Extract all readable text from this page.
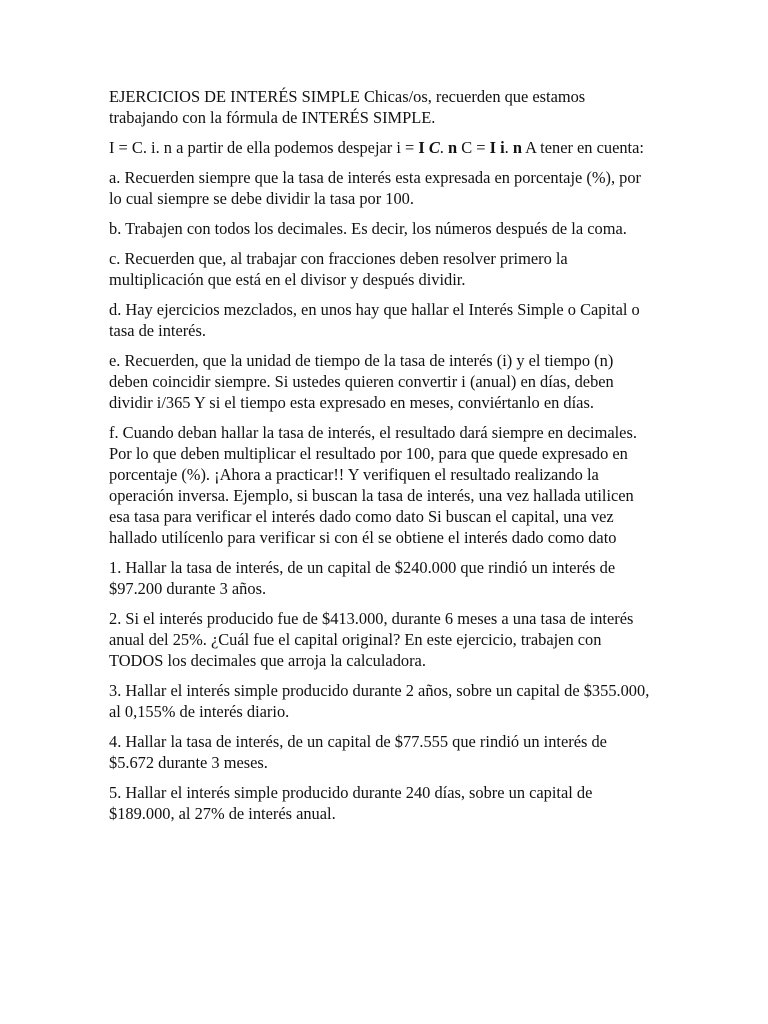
EJERCICIOS DE INTERÉS SIMPLE Chicas/os, recuerden que estamos trabajando con la fórmula de INTERÉS SIMPLE.

I = C. i. n a partir de ella podemos despejar i = I C. n C = I i. n A tener en cuenta:

a. Recuerden siempre que la tasa de interés esta expresada en porcentaje (%), por lo cual siempre se debe dividir la tasa por 100.

b. Trabajen con todos los decimales. Es decir, los números después de la coma.

c. Recuerden que, al trabajar con fracciones deben resolver primero la multiplicación que está en el divisor y después dividir.

d. Hay ejercicios mezclados, en unos hay que hallar el Interés Simple o Capital o tasa de interés.

e. Recuerden, que la unidad de tiempo de la tasa de interés (i) y el tiempo (n) deben coincidir siempre. Si ustedes quieren convertir i (anual) en días, deben dividir i/365 Y si el tiempo esta expresado en meses, conviértanlo en días.

f. Cuando deban hallar la tasa de interés, el resultado dará siempre en decimales. Por lo que deben multiplicar el resultado por 100, para que quede expresado en porcentaje (%). ¡Ahora a practicar!! Y verifiquen el resultado realizando la operación inversa. Ejemplo, si buscan la tasa de interés, una vez hallada utilicen esa tasa para verificar el interés dado como dato Si buscan el capital, una vez hallado utilícenlo para verificar si con él se obtiene el interés dado como dato

1. Hallar la tasa de interés, de un capital de $240.000 que rindió un interés de $97.200 durante 3 años.

2. Si el interés producido fue de $413.000, durante 6 meses a una tasa de interés anual del 25%. ¿Cuál fue el capital original? En este ejercicio, trabajen con TODOS los decimales que arroja la calculadora.

3. Hallar el interés simple producido durante 2 años, sobre un capital de $355.000, al 0,155% de interés diario.

4. Hallar la tasa de interés, de un capital de $77.555 que rindió un interés de $5.672 durante 3 meses.

5. Hallar el interés simple producido durante 240 días, sobre un capital de $189.000, al 27% de interés anual.
